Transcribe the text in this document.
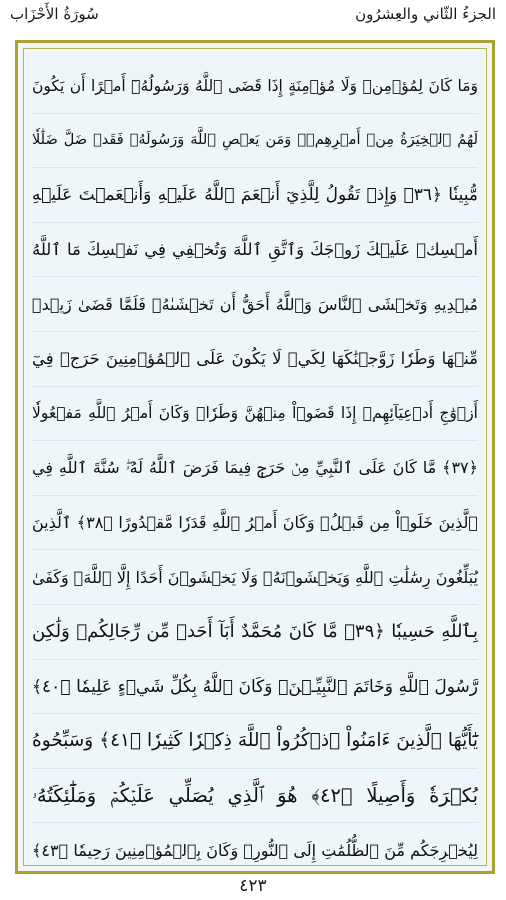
الجزءُ الثّاني والعِشرُون
سُورَةُ الأَحْزَاب
وَمَا كَانَ لِمُؤۡمِنٖ وَلَا مُؤۡمِنَةٍ إِذَا قَضَى ٱللَّهُ وَرَسُولُهُۥٓ أَمۡرًا أَن يَكُونَ
لَهُمُ ٱلۡخِيَرَةُ مِنۡ أَمۡرِهِمۡۗ وَمَن يَعۡصِ ٱللَّهَ وَرَسُولَهُۥ فَقَدۡ ضَلَّ ضَلَٰلٗا
مُّبِينٗا ﴿٣٦﴾ وَإِذۡ تَقُولُ لِلَّذِيٓ أَنۡعَمَ ٱللَّهُ عَلَيۡهِ وَأَنۡعَمۡتَ عَلَيۡهِ
أَمۡسِكۡ عَلَيۡكَ زَوۡجَكَ وَٱتَّقِ ٱللَّهَ وَتُخۡفِي فِي نَفۡسِكَ مَا ٱللَّهُ
مُبۡدِيهِ وَتَخۡشَى ٱلنَّاسَ وَٱللَّهُ أَحَقُّ أَن تَخۡشَىٰهُۖ فَلَمَّا قَضَىٰ زَيۡدٞ
مِّنۡهَا وَطَرٗا زَوَّجۡنَٰكَهَا لِكَيۡ لَا يَكُونَ عَلَى ٱلۡمُؤۡمِنِينَ حَرَجٞ فِيٓ
أَزۡوَٰجِ أَدۡعِيَآئِهِمۡ إِذَا قَضَوۡاْ مِنۡهُنَّ وَطَرٗاۚ وَكَانَ أَمۡرُ ٱللَّهِ مَفۡعُولٗا
﴿٣٧﴾ مَّا كَانَ عَلَى ٱلنَّبِيِّ مِنۡ حَرَجٖ فِيمَا فَرَضَ ٱللَّهُ لَهُۥۖ سُنَّةَ ٱللَّهِ فِي
ٱلَّذِينَ خَلَوۡاْ مِن قَبۡلُۚ وَكَانَ أَمۡرُ ٱللَّهِ قَدَرٗا مَّقۡدُورًا ﴿٣٨﴾ ٱلَّذِينَ
يُبَلِّغُونَ رِسَٰلَٰتِ ٱللَّهِ وَيَخۡشَوۡنَهُۥ وَلَا يَخۡشَوۡنَ أَحَدًا إِلَّا ٱللَّهَۗ وَكَفَىٰ
بِٱللَّهِ حَسِيبٗا ﴿٣٩﴾ مَّا كَانَ مُحَمَّدٌ أَبَآ أَحَدٖ مِّن رِّجَالِكُمۡ وَلَٰكِن
رَّسُولَ ٱللَّهِ وَخَاتَمَ ٱلنَّبِيِّـۧنَۗ وَكَانَ ٱللَّهُ بِكُلِّ شَيۡءٍ عَلِيمٗا ﴿٤٠﴾
يَٰٓأَيُّهَا ٱلَّذِينَ ءَامَنُواْ ٱذۡكُرُواْ ٱللَّهَ ذِكۡرٗا كَثِيرٗا ﴿٤١﴾ وَسَبِّحُوهُ
بُكۡرَةٗ وَأَصِيلًا ﴿٤٢﴾ هُوَ ٱلَّذِي يُصَلِّي عَلَيۡكُمۡ وَمَلَٰٓئِكَتُهُۥ
لِيُخۡرِجَكُم مِّنَ ٱلظُّلُمَٰتِ إِلَى ٱلنُّورِۚ وَكَانَ بِٱلۡمُؤۡمِنِينَ رَحِيمٗا ﴿٤٣﴾
٤٢٣
